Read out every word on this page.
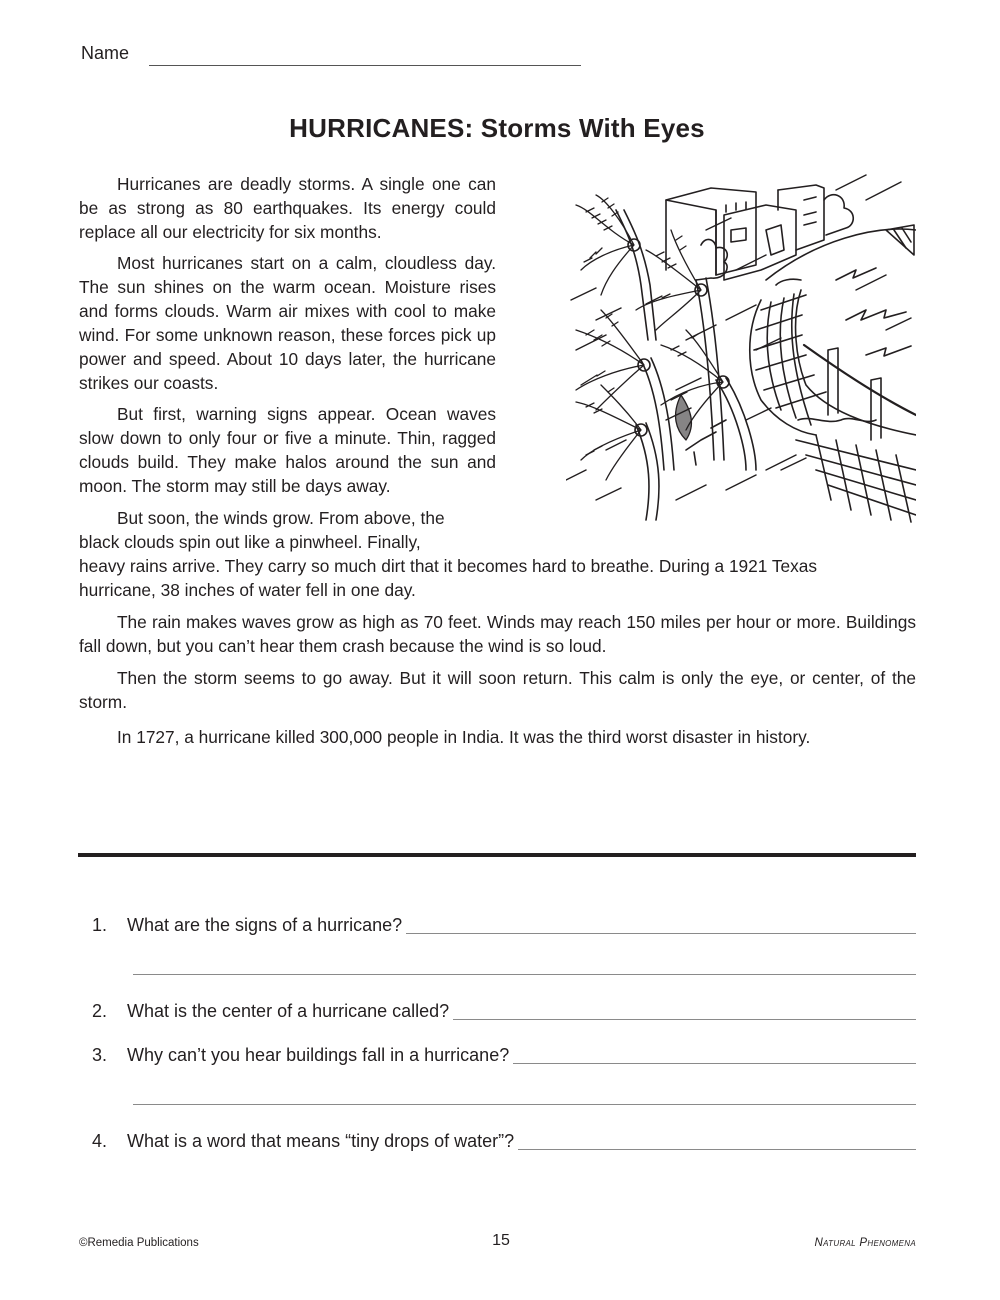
Name
HURRICANES: Storms With Eyes

Hurricanes are deadly storms. A single one can be as strong as 80 earthquakes. Its energy could replace all our electricity for six months.

Most hurricanes start on a calm, cloudless day. The sun shines on the warm ocean. Moisture rises and forms clouds. Warm air mixes with cool to make wind. For some unknown reason, these forces pick up power and speed. About 10 days later, the hurricane strikes our coasts.

But first, warning signs appear. Ocean waves slow down to only four or five a minute. Thin, ragged clouds build. They make halos around the sun and moon. The storm may still be days away.

But soon, the winds grow. From above, the

black clouds spin out like a pinwheel. Finally,
heavy rains arrive. They carry so much dirt that it becomes hard to breathe. During a 1921 Texas
hurricane, 38 inches of water fell in one day.

The rain makes waves grow as high as 70 feet. Winds may reach 150 miles per hour or more. Buildings fall down, but you can’t hear them crash because the wind is so loud.

Then the storm seems to go away. But it will soon return. This calm is only the eye, or center, of the storm.

In 1727, a hurricane killed 300,000 people in India. It was the third worst disaster in history.

1.	What are the signs of a hurricane?
2.	What is the center of a hurricane called?
3.	Why can’t you hear buildings fall in a hurricane?
4.	What is a word that means “tiny drops of water”?
©Remedia Publications	15	Natural Phenomena
